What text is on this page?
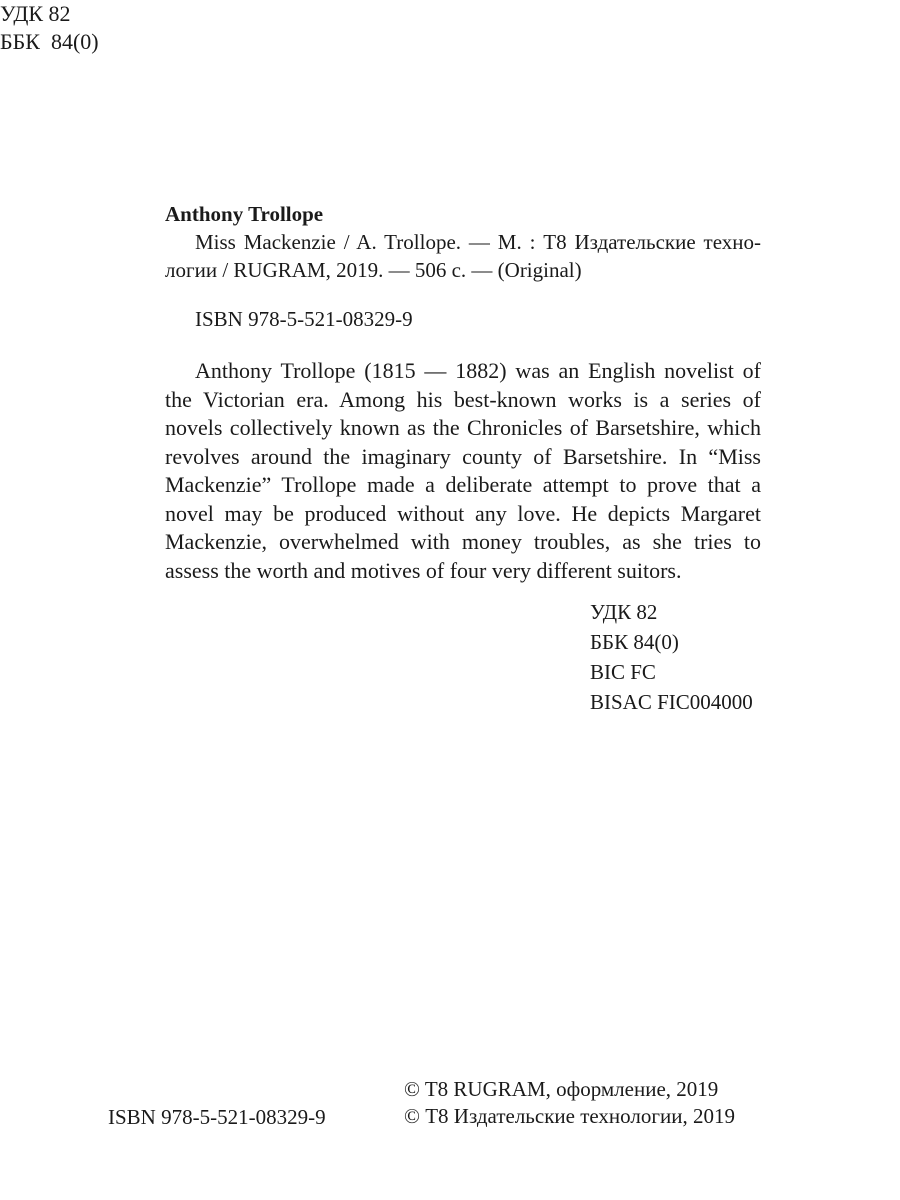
УДК 82
ББК  84(0)
Anthony Trollope
Miss Mackenzie / A. Trollope. — М. : Т8 Издательские техно-логии / RUGRAM, 2019. — 506 с. — (Original)
ISBN 978-5-521-08329-9

Anthony Trollope (1815 — 1882) was an English novelist of the Victorian era. Among his best-known works is a series of novels collectively known as the Chronicles of Barsetshire, which revolves around the imaginary county of Barsetshire. In “Miss Mackenzie” Trollope made a deliberate attempt to prove that a novel may be produced without any love. He depicts Margaret Mackenzie, overwhelmed with money troubles, as she tries to assess the worth and motives of four very different suitors.

УДК 82
ББК 84(0)
BIC FC
BISAC FIC004000
ISBN 978-5-521-08329-9
© T8 RUGRAM, оформление, 2019
© Т8 Издательские технологии, 2019
